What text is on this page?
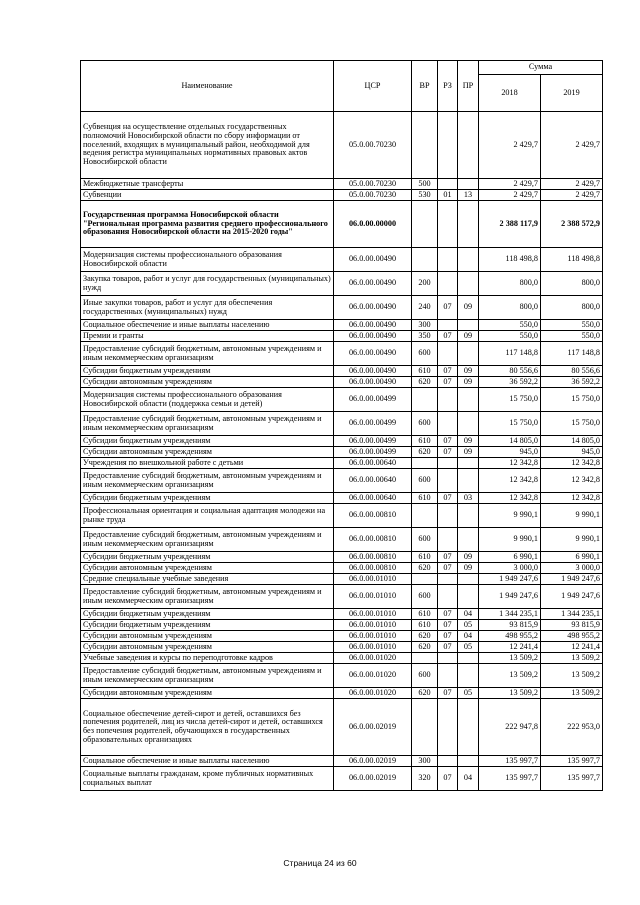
Наименование	ЦСР	ВР	РЗ	ПР	Сумма	
					2018	2019
Субвенция на осуществление отдельных государственных полномочий Новосибирской области по сбору информации от поселений, входящих в муниципальный район, необходимой для ведения регистра муниципальных нормативных правовых актов Новосибирской области	05.0.00.70230				2 429,7	2 429,7
Межбюджетные трансферты	05.0.00.70230	500			2 429,7	2 429,7
Субвенции	05.0.00.70230	530	01	13	2 429,7	2 429,7
Государственная программа Новосибирской области "Региональная программа развития среднего профессионального образования Новосибирской области на 2015-2020 годы"	06.0.00.00000				2 388 117,9	2 388 572,9
Модернизация системы профессионального образования Новосибирской области	06.0.00.00490				118 498,8	118 498,8
Закупка товаров, работ и услуг для государственных (муниципальных) нужд	06.0.00.00490	200			800,0	800,0
Иные закупки товаров, работ и услуг для обеспечения государственных (муниципальных) нужд	06.0.00.00490	240	07	09	800,0	800,0
Социальное обеспечение и иные выплаты населению	06.0.00.00490	300			550,0	550,0
Премии и гранты	06.0.00.00490	350	07	09	550,0	550,0
Предоставление субсидий бюджетным, автономным учреждениям и иным некоммерческим организациям	06.0.00.00490	600			117 148,8	117 148,8
Субсидии бюджетным учреждениям	06.0.00.00490	610	07	09	80 556,6	80 556,6
Субсидии автономным учреждениям	06.0.00.00490	620	07	09	36 592,2	36 592,2
Модернизация системы профессионального образования Новосибирской области (поддержка семьи и детей)	06.0.00.00499				15 750,0	15 750,0
Предоставление субсидий бюджетным, автономным учреждениям и иным некоммерческим организациям	06.0.00.00499	600			15 750,0	15 750,0
Субсидии бюджетным учреждениям	06.0.00.00499	610	07	09	14 805,0	14 805,0
Субсидии автономным учреждениям	06.0.00.00499	620	07	09	945,0	945,0
Учреждения по внешкольной работе с детьми	06.0.00.00640				12 342,8	12 342,8
Предоставление субсидий бюджетным, автономным учреждениям и иным некоммерческим организациям	06.0.00.00640	600			12 342,8	12 342,8
Субсидии бюджетным учреждениям	06.0.00.00640	610	07	03	12 342,8	12 342,8
Профессиональная ориентация и социальная адаптация молодежи на рынке труда	06.0.00.00810				9 990,1	9 990,1
Предоставление субсидий бюджетным, автономным учреждениям и иным некоммерческим организациям	06.0.00.00810	600			9 990,1	9 990,1
Субсидии бюджетным учреждениям	06.0.00.00810	610	07	09	6 990,1	6 990,1
Субсидии автономным учреждениям	06.0.00.00810	620	07	09	3 000,0	3 000,0
Средние специальные учебные заведения	06.0.00.01010				1 949 247,6	1 949 247,6
Предоставление субсидий бюджетным, автономным учреждениям и иным некоммерческим организациям	06.0.00.01010	600			1 949 247,6	1 949 247,6
Субсидии бюджетным учреждениям	06.0.00.01010	610	07	04	1 344 235,1	1 344 235,1
Субсидии бюджетным учреждениям	06.0.00.01010	610	07	05	93 815,9	93 815,9
Субсидии автономным учреждениям	06.0.00.01010	620	07	04	498 955,2	498 955,2
Субсидии автономным учреждениям	06.0.00.01010	620	07	05	12 241,4	12 241,4
Учебные заведения и курсы по переподготовке кадров	06.0.00.01020				13 509,2	13 509,2
Предоставление субсидий бюджетным, автономным учреждениям и иным некоммерческим организациям	06.0.00.01020	600			13 509,2	13 509,2
Субсидии автономным учреждениям	06.0.00.01020	620	07	05	13 509,2	13 509,2
Социальное обеспечение детей-сирот и детей, оставшихся без попечения родителей, лиц из числа детей-сирот и детей, оставшихся без попечения родителей, обучающихся в государственных образовательных организациях	06.0.00.02019				222 947,8	222 953,0
Социальное обеспечение и иные выплаты населению	06.0.00.02019	300			135 997,7	135 997,7
Социальные выплаты гражданам, кроме публичных нормативных социальных выплат	06.0.00.02019	320	07	04	135 997,7	135 997,7
Страница 24 из 60
